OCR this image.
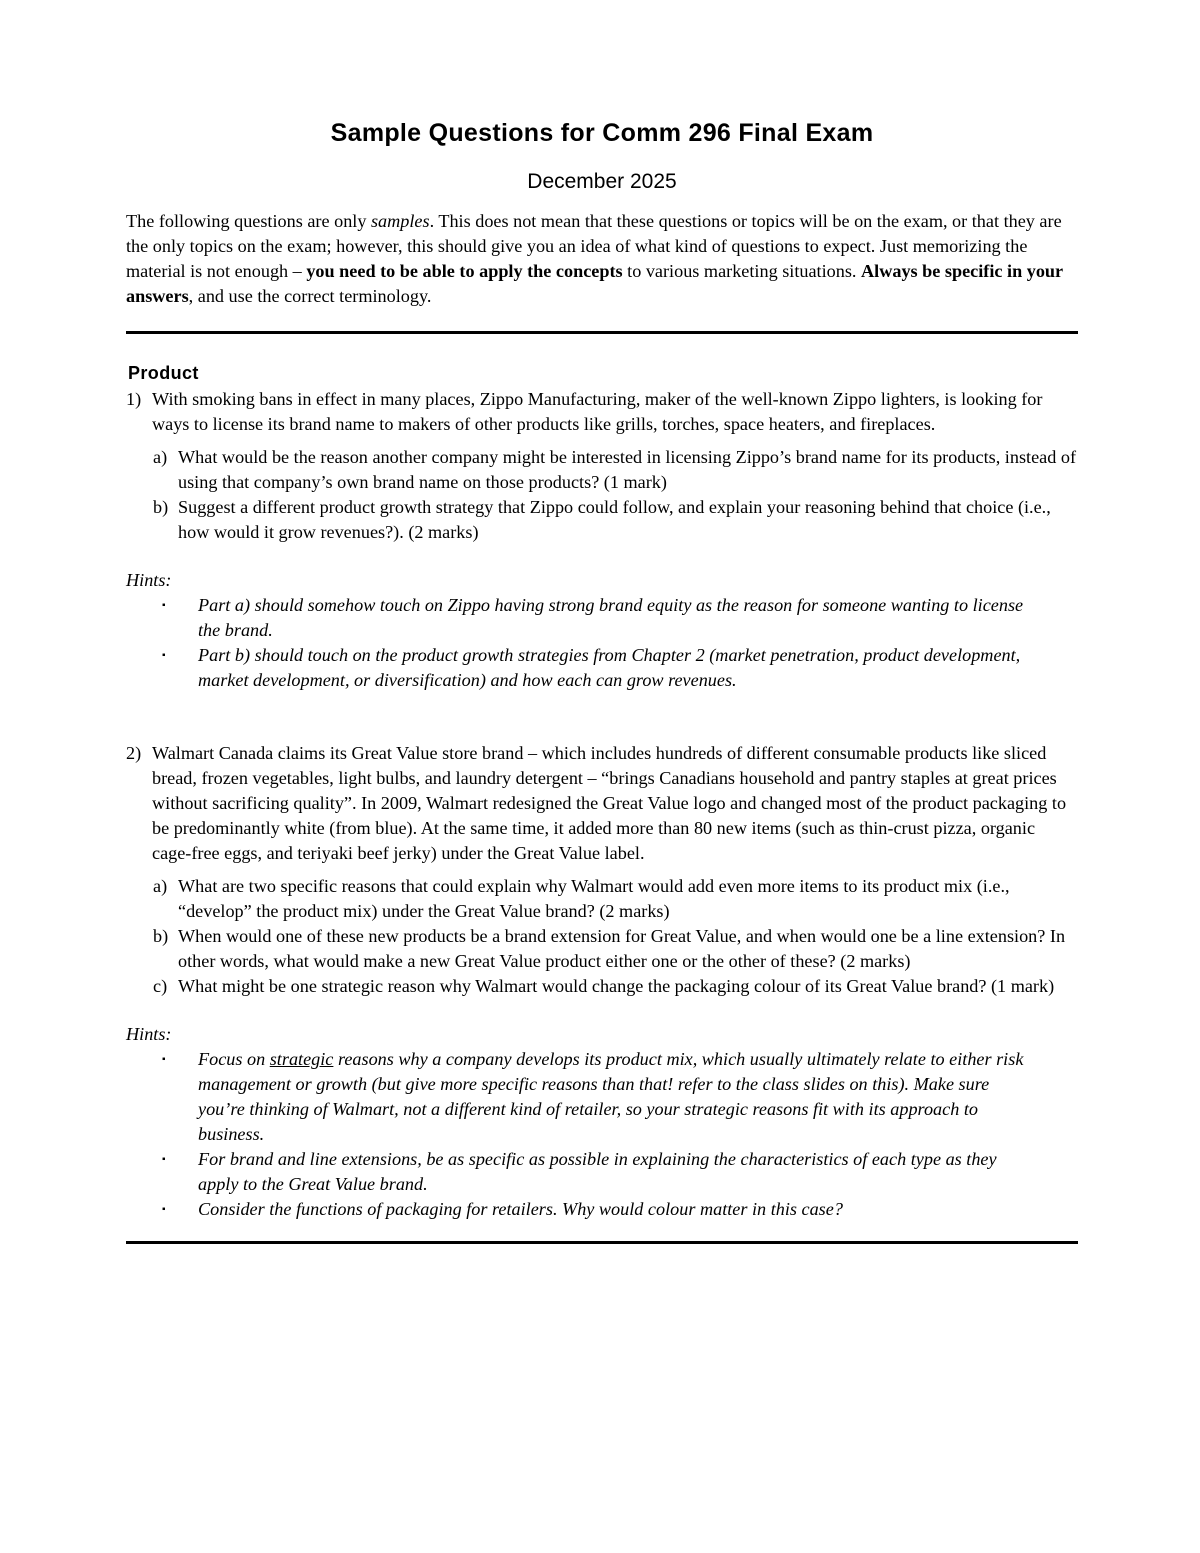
Sample Questions for Comm 296 Final Exam
December 2025

The following questions are only samples. This does not mean that these questions or topics will be on the exam, or that they are the only topics on the exam; however, this should give you an idea of what kind of questions to expect. Just memorizing the material is not enough – you need to be able to apply the concepts to various marketing situations. Always be specific in your answers, and use the correct terminology.

Product
1) With smoking bans in effect in many places, Zippo Manufacturing, maker of the well-known Zippo lighters, is looking for ways to license its brand name to makers of other products like grills, torches, space heaters, and fireplaces.
a) What would be the reason another company might be interested in licensing Zippo’s brand name for its products, instead of using that company’s own brand name on those products? (1 mark)
b) Suggest a different product growth strategy that Zippo could follow, and explain your reasoning behind that choice (i.e., how would it grow revenues?). (2 marks)
Hints:
▪	Part a) should somehow touch on Zippo having strong brand equity as the reason for someone wanting to license the brand.
▪	Part b) should touch on the product growth strategies from Chapter 2 (market penetration, product development, market development, or diversification) and how each can grow revenues.
2) Walmart Canada claims its Great Value store brand – which includes hundreds of different consumable products like sliced bread, frozen vegetables, light bulbs, and laundry detergent – “brings Canadians household and pantry staples at great prices without sacrificing quality”. In 2009, Walmart redesigned the Great Value logo and changed most of the product packaging to be predominantly white (from blue). At the same time, it added more than 80 new items (such as thin-crust pizza, organic cage-free eggs, and teriyaki beef jerky) under the Great Value label.
a) What are two specific reasons that could explain why Walmart would add even more items to its product mix (i.e., “develop” the product mix) under the Great Value brand? (2 marks)
b) When would one of these new products be a brand extension for Great Value, and when would one be a line extension? In other words, what would make a new Great Value product either one or the other of these? (2 marks)
c) What might be one strategic reason why Walmart would change the packaging colour of its Great Value brand? (1 mark)
Hints:
▪	Focus on strategic reasons why a company develops its product mix, which usually ultimately relate to either risk management or growth (but give more specific reasons than that! refer to the class slides on this). Make sure you’re thinking of Walmart, not a different kind of retailer, so your strategic reasons fit with its approach to business.
▪	For brand and line extensions, be as specific as possible in explaining the characteristics of each type as they apply to the Great Value brand.
▪	Consider the functions of packaging for retailers. Why would colour matter in this case?
